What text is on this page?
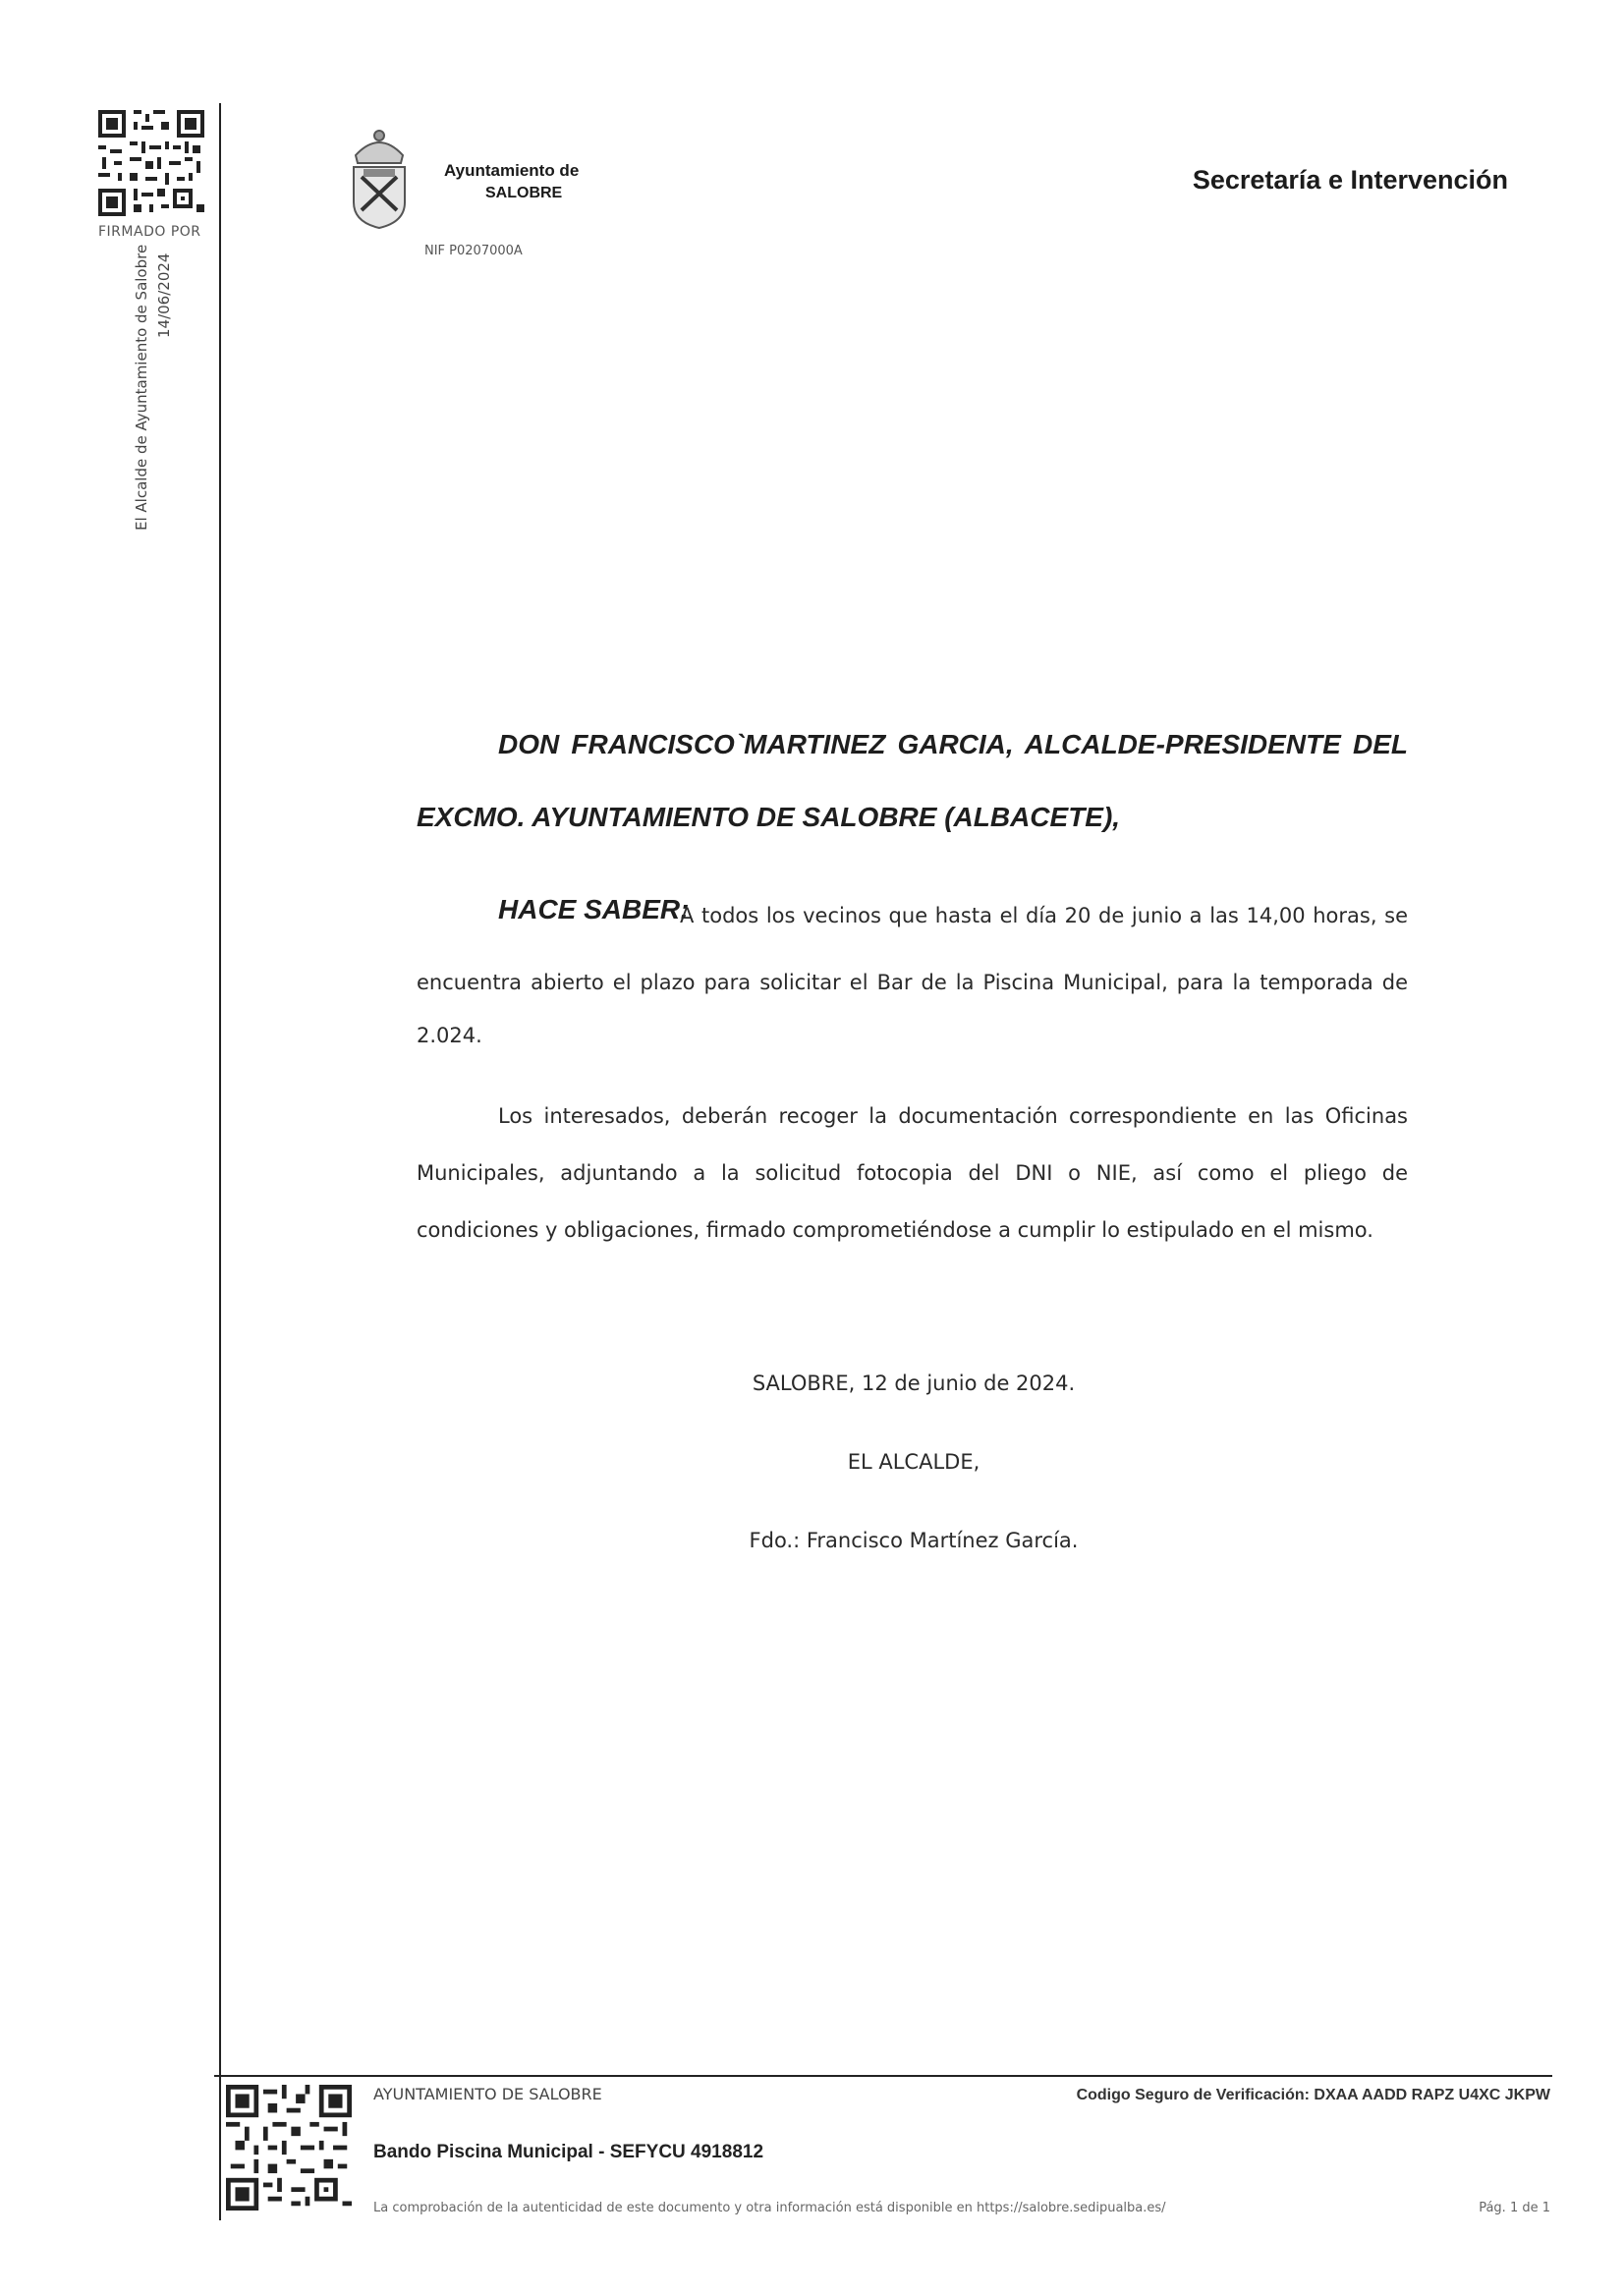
FIRMADO POR
El Alcalde de Ayuntamiento de Salobre 14/06/2024
Ayuntamiento de
SALOBRE
NIF P0207000A
Secretaría e Intervención
DON FRANCISCO`MARTINEZ GARCIA, ALCALDE-PRESIDENTE DEL
EXCMO. AYUNTAMIENTO DE SALOBRE (ALBACETE),
HACE SABER:
A todos los vecinos que hasta el día 20 de junio a las 14,00 horas, se
encuentra abierto el plazo para solicitar el Bar de la Piscina Municipal, para la temporada de
2.024.
Los interesados, deberán recoger la documentación correspondiente en las Oficinas
Municipales, adjuntando a la solicitud fotocopia del DNI o NIE, así como el pliego de
condiciones y obligaciones, firmado comprometiéndose a cumplir lo estipulado en el mismo.
SALOBRE, 12 de junio de 2024.
EL ALCALDE,
Fdo.: Francisco Martínez García.
AYUNTAMIENTO DE SALOBRE	Codigo Seguro de Verificación: DXAA AADD RAPZ U4XC JKPW
Bando Piscina Municipal - SEFYCU 4918812
La comprobación de la autenticidad de este documento y otra información está disponible en https://salobre.sedipualba.es/	Pág. 1 de 1
